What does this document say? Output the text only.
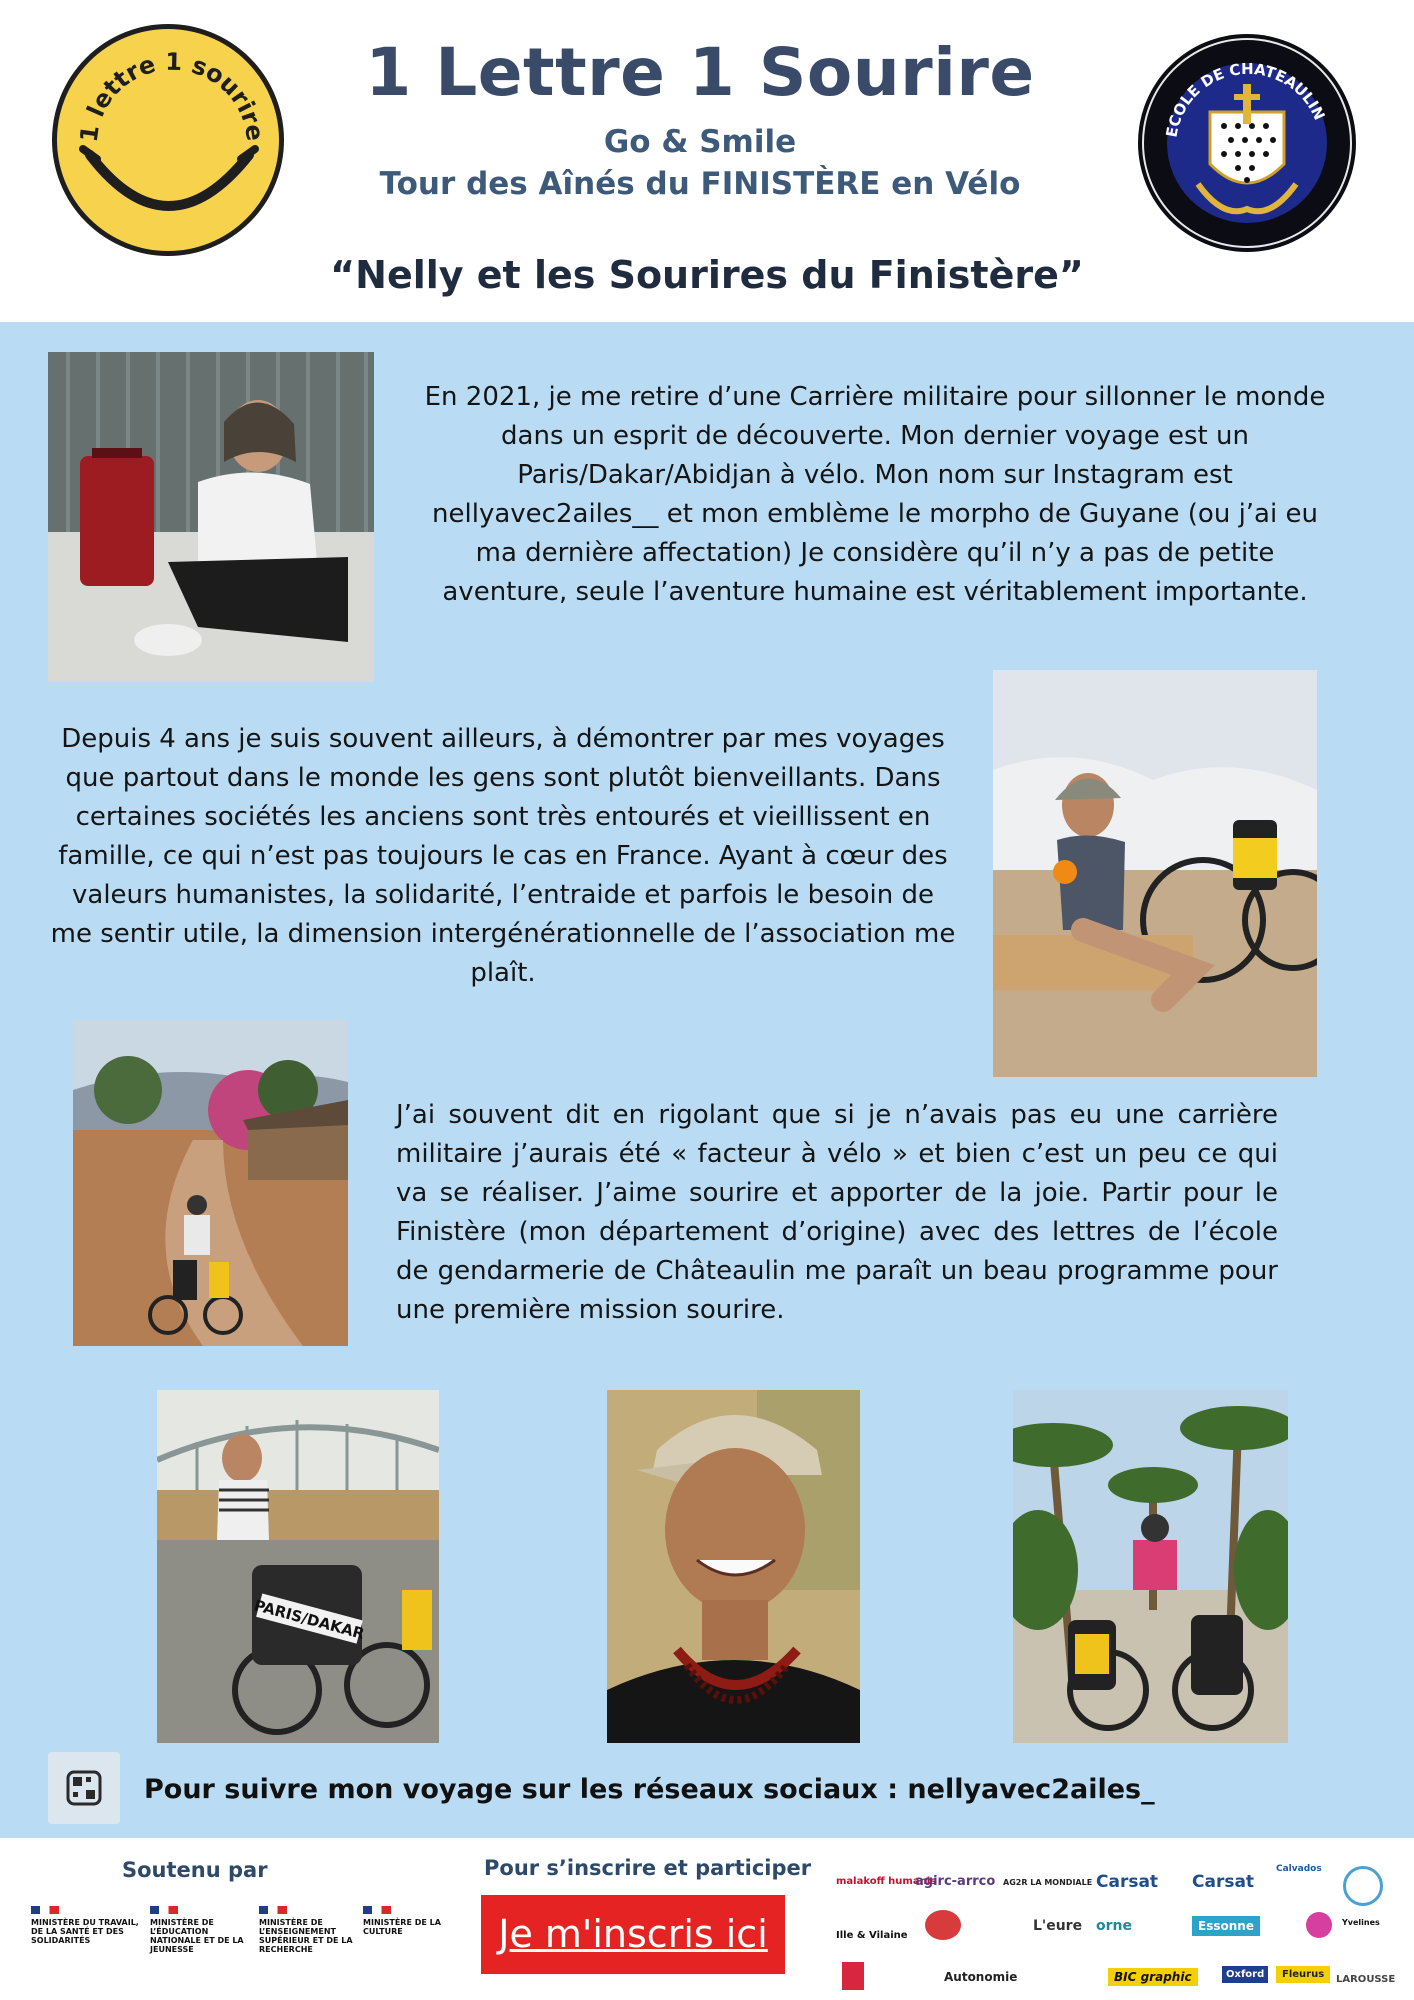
1 lettre 1 sourire
1 Lettre 1 Sourire
Go & Smile
Tour des Aînés du FINISTÈRE en Vélo
ECOLE DE CHATEAULIN
“Nelly et les Sourires du Finistère”
En 2021, je me retire d’une Carrière militaire pour sillonner le monde dans un esprit de découverte. Mon dernier voyage est un Paris/Dakar/Abidjan à vélo. Mon nom sur Instagram est nellyavec2ailes__ et mon emblème le morpho de Guyane (ou j’ai eu ma dernière affectation) Je considère qu’il n’y a pas de petite aventure, seule l’aventure humaine est véritablement importante.
Depuis 4 ans je suis souvent ailleurs, à démontrer par mes voyages que partout dans le monde les gens sont plutôt bienveillants. Dans certaines sociétés les anciens sont très entourés et vieillissent en famille, ce qui n’est pas toujours le cas en France. Ayant à cœur des valeurs humanistes, la solidarité, l’entraide et parfois le besoin de me sentir utile, la dimension intergénérationnelle de l’association me plaît.
J’ai souvent dit en rigolant que si je n’avais pas eu une carrière militaire j’aurais été « facteur à vélo » et bien c’est un peu ce qui va se réaliser. J’aime sourire et apporter de la joie. Partir pour le Finistère (mon département d’origine) avec des lettres de l’école de gendarmerie de Châteaulin me paraît un beau programme pour une première mission sourire.
PARIS/DAKAR
Pour suivre mon voyage sur les réseaux sociaux : nellyavec2ailes_
Soutenu par
MINISTÈRE DU TRAVAIL, DE LA SANTÉ ET DES SOLIDARITÉS
MINISTÈRE DE L’ÉDUCATION NATIONALE ET DE LA JEUNESSE
MINISTÈRE DE L’ENSEIGNEMENT SUPÉRIEUR ET DE LA RECHERCHE
MINISTÈRE DE LA CULTURE
Pour s’inscrire et participer
Je m'inscris ici
malakoff humanis
agirc-arrco AG2R LA MONDIALE Carsat Carsat
Calvados
Ille & Vilaine
L'eure orne	Essonne	Yvelines
Autonomie	BIC graphic	Oxford	Fleurus	LAROUSSE
